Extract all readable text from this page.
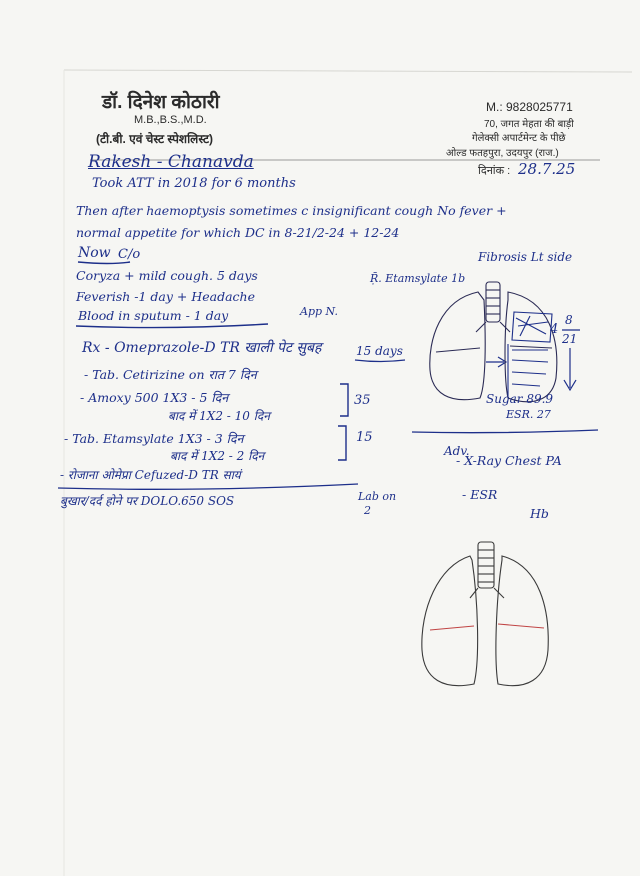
डॉ. दिनेश कोठारी
M.B.,B.S.,M.D.
(टी.बी. एवं चेस्ट स्पेशलिस्ट)
M.: 9828025771
70, जगत मेहता की बाड़ी
गेलेक्सी अपार्टमेन्ट के पीछे
ओल्ड फतहपुरा, उदयपुर (राज.)
दिनांक : 28.7.25
Rakesh - Chanavda
Took ATT in 2018 for 6 months
Then after haemoptysis sometimes c insignificant cough No fever +
normal appetite for which DC in 8-21/2-24 + 12-24
Now C/o	Fibrosis Lt side
Coryza + mild cough. 5 days	Ṝ. Etamsylate 1b
Feverish -1 day + Headache
Blood in sputum - 1 day	App N.
4
8
21
Rx - Omeprazole-D TR खाली पेट सुबह	15 days
- Tab. Cetirizine on रात 7 दिन
- Amoxy 500 1X3 - 5 दिन
बाद में 1X2 - 10 दिन
35	Sugar 89.9
ESR. 27
- Tab. Etamsylate 1X3 - 3 दिन
बाद में 1X2 - 2 दिन
15
Adv.
- X-Ray Chest PA
- रोजाना ओमेप्रा Cefuzed-D TR सायं
बुखार/दर्द होने पर DOLO.650 SOS	Lab on
2
- ESR
Hb
